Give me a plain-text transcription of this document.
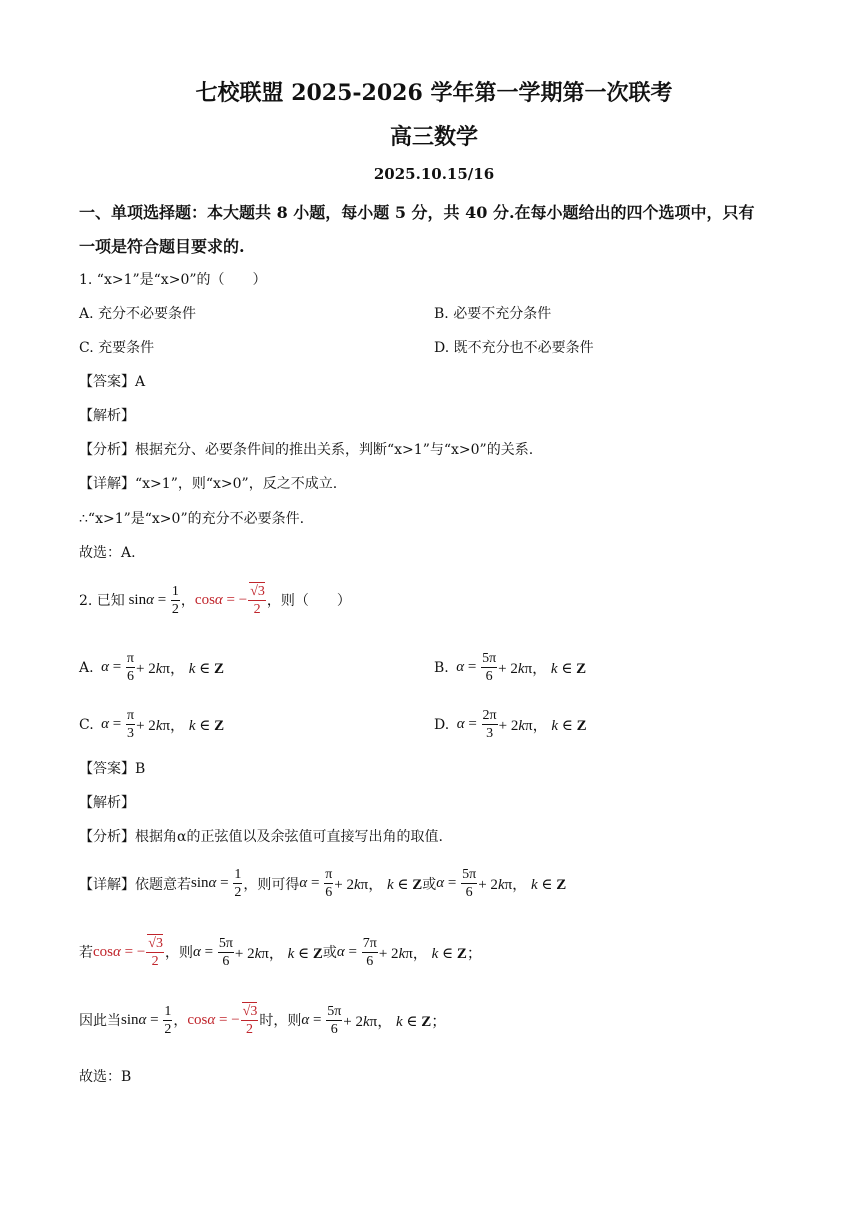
七校联盟 2025-2026 学年第一学期第一次联考
高三数学
2025.10.15/16
一、单项选择题：本大题共 8 小题，每小题 5 分，共 40 分.在每小题给出的四个选项中，只有
一项是符合题目要求的.
1. “x>1”是“x>0”的（　　）
A. 充分不必要条件	B. 必要不充分条件
C. 充要条件	D. 既不充分也不必要条件
【答案】A
【解析】
【分析】根据充分、必要条件间的推出关系，判断“x>1”与“x>0”的关系.
【详解】“x>1”，则“x>0”，反之不成立.
∴“x>1”是“x>0”的充分不必要条件.
故选：A.
2. 已知 $\sin\alpha = \frac{1}{2}$ ， cosα = − $\frac{√3}{2}$ ，则（　　）
A. $\alpha = \frac{\pi}{6} + 2k\pi$， k ∈ Z	B. $\alpha = \frac{5\pi}{6} + 2k\pi$， k ∈ Z
C. $\alpha = \frac{\pi}{3} + 2k\pi$， k ∈ Z	D. $\alpha = \frac{2\pi}{3} + 2k\pi$， k ∈ Z
【答案】B
【解析】
【分析】根据角α的正弦值以及余弦值可直接写出角的取值.
【详解】依题意若 $\sin\alpha = \frac{1}{2}$ ，则可得 $\alpha = \frac{\pi}{6} + 2k\pi$， k ∈ Z 或 $\alpha = \frac{5\pi}{6} + 2k\pi$， k ∈ Z
若 cosα = − $\frac{√3}{2}$ ，则 $\alpha = \frac{5\pi}{6} + 2k\pi$， k ∈ Z 或 $\alpha = \frac{7\pi}{6} + 2k\pi$， k ∈ Z；
因此当 $\sin\alpha = \frac{1}{2}$ ， cosα = − $\frac{√3}{2}$ 时，则 $\alpha = \frac{5\pi}{6} + 2k\pi$， k ∈ Z；
故选：B
